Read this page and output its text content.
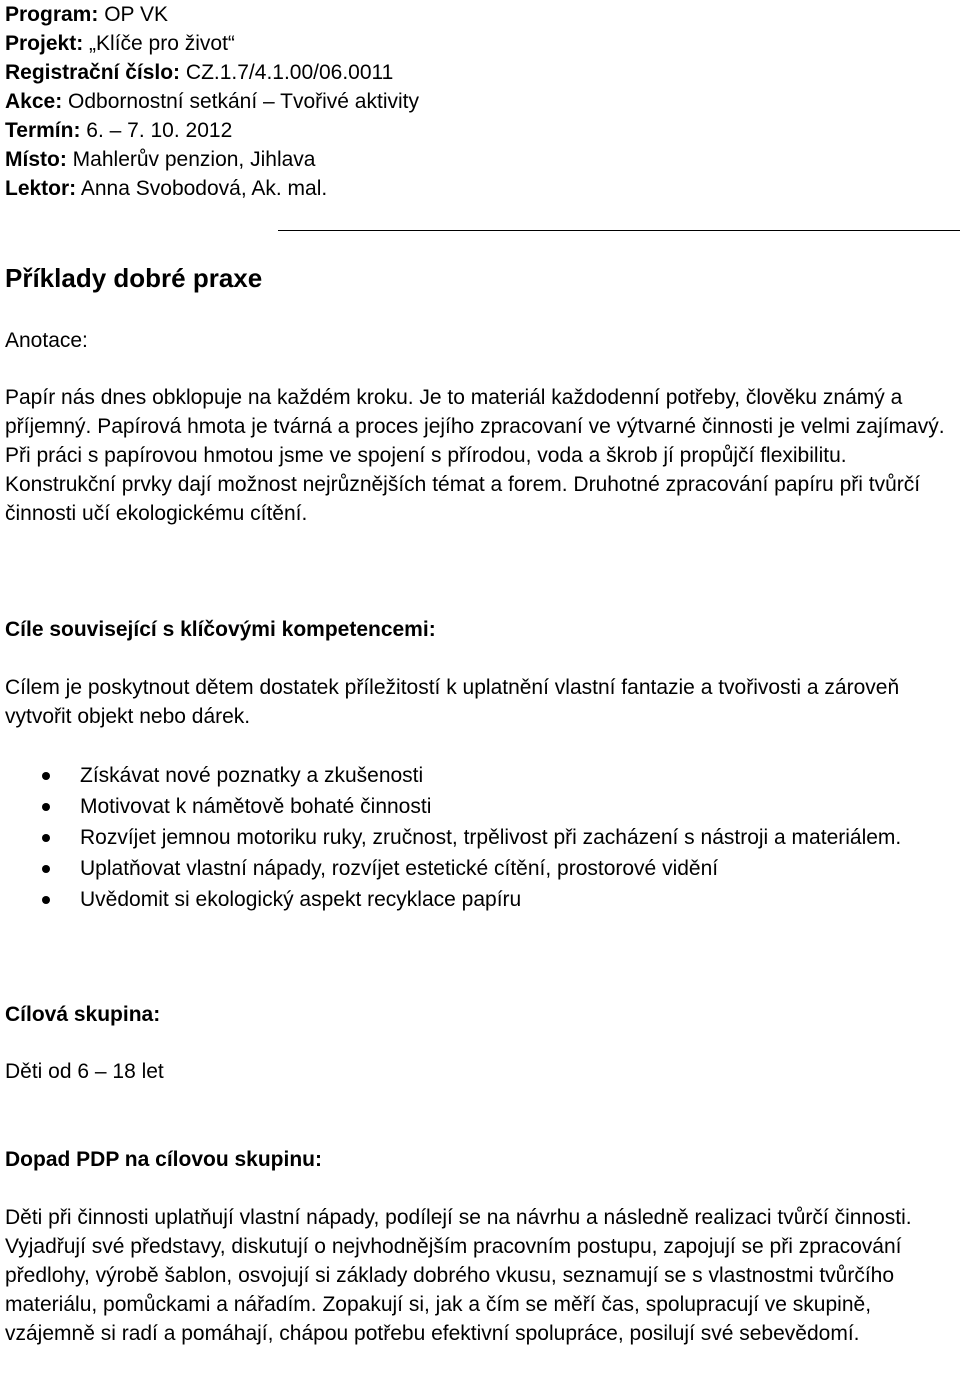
Program: OP VK
Projekt: „Klíče pro život“
Registrační číslo: CZ.1.7/4.1.00/06.0011
Akce: Odbornostní setkání – Tvořivé aktivity
Termín: 6. – 7. 10. 2012
Místo: Mahlerův penzion, Jihlava
Lektor: Anna Svobodová, Ak. mal.
Příklady dobré praxe
Anotace:

Papír nás dnes obklopuje na každém kroku. Je to materiál každodenní potřeby, člověku známý a příjemný. Papírová hmota je tvárná a proces jejího zpracovaní ve výtvarné činnosti je velmi zajímavý. Při práci s papírovou hmotou jsme ve spojení s přírodou, voda a škrob jí propůjčí flexibilitu. Konstrukční prvky dají možnost nejrůznějších témat a forem. Druhotné zpracování papíru při tvůrčí činnosti učí ekologickému cítění.

Cíle související s klíčovými kompetencemi:

Cílem je poskytnout dětem dostatek příležitostí k uplatnění vlastní fantazie a tvořivosti a zároveň vytvořit objekt nebo dárek.

Získávat nové poznatky a zkušenosti
Motivovat k námětově bohaté činnosti
Rozvíjet jemnou motoriku ruky, zručnost, trpělivost při zacházení s nástroji a materiálem.
Uplatňovat vlastní nápady, rozvíjet estetické cítění, prostorové vidění
Uvědomit si ekologický aspekt recyklace papíru
Cílová skupina:
Děti od 6 – 18 let
Dopad PDP na cílovou skupinu:

Děti při činnosti uplatňují vlastní nápady, podílejí se na návrhu a následně realizaci tvůrčí činnosti. Vyjadřují své představy, diskutují o nejvhodnějším pracovním postupu, zapojují se při zpracování předlohy, výrobě šablon, osvojují si základy dobrého vkusu, seznamují se s vlastnostmi tvůrčího materiálu, pomůckami a nářadím. Zopakují si, jak a čím se měří čas, spolupracují ve skupině, vzájemně si radí a pomáhají, chápou potřebu efektivní spolupráce, posilují své sebevědomí.
